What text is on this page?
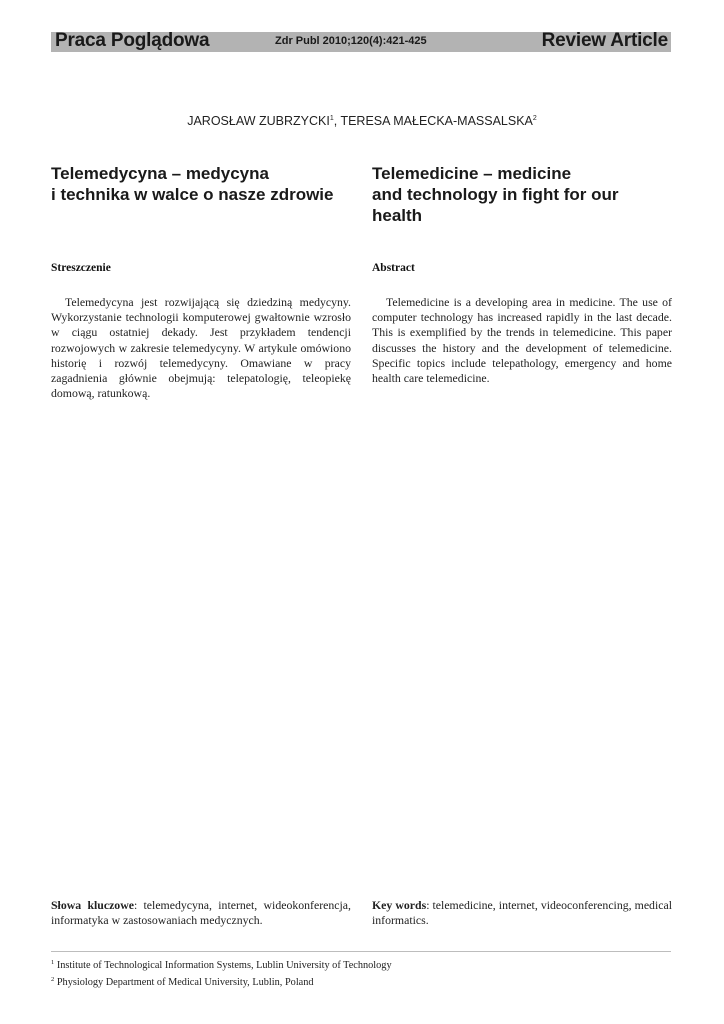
Praca Poglądowa	Zdr Publ 2010;120(4):421-425	Review Article
JAROSŁAW ZUBRZYCKI$^1$, TERESA MAŁECKA-MASSALSKA$^2$
Telemedycyna – medycyna
i technika w walce o nasze zdrowie
Telemedicine – medicine
and technology in fight for our
health
Streszczenie	Abstract

Telemedycyna jest rozwijającą się dziedziną medycyny. Wykorzystanie technologii komputerowej gwałtownie wzrosło w ciągu ostatniej dekady. Jest przykładem tendencji rozwojowych w zakresie telemedycyny. W artykule omówiono historię i rozwój telemedycyny. Omawiane w pracy zagadnienia głównie obejmują: telepatologię, teleopiekę domową, ratunkową.

Telemedicine is a developing area in medicine. The use of computer technology has increased rapidly in the last decade. This is exemplified by the trends in telemedicine. This paper discusses the history and the development of telemedicine. Specific topics include telepathology, emergency and home health care telemedicine.

Słowa kluczowe: telemedycyna, internet, wideokonferencja, informatyka w zastosowaniach medycznych.
Key words: telemedicine, internet, videoconferencing, medical informatics.
$^1$ Institute of Technological Information Systems, Lublin University of Technology
$^2$ Physiology Department of Medical University, Lublin, Poland
